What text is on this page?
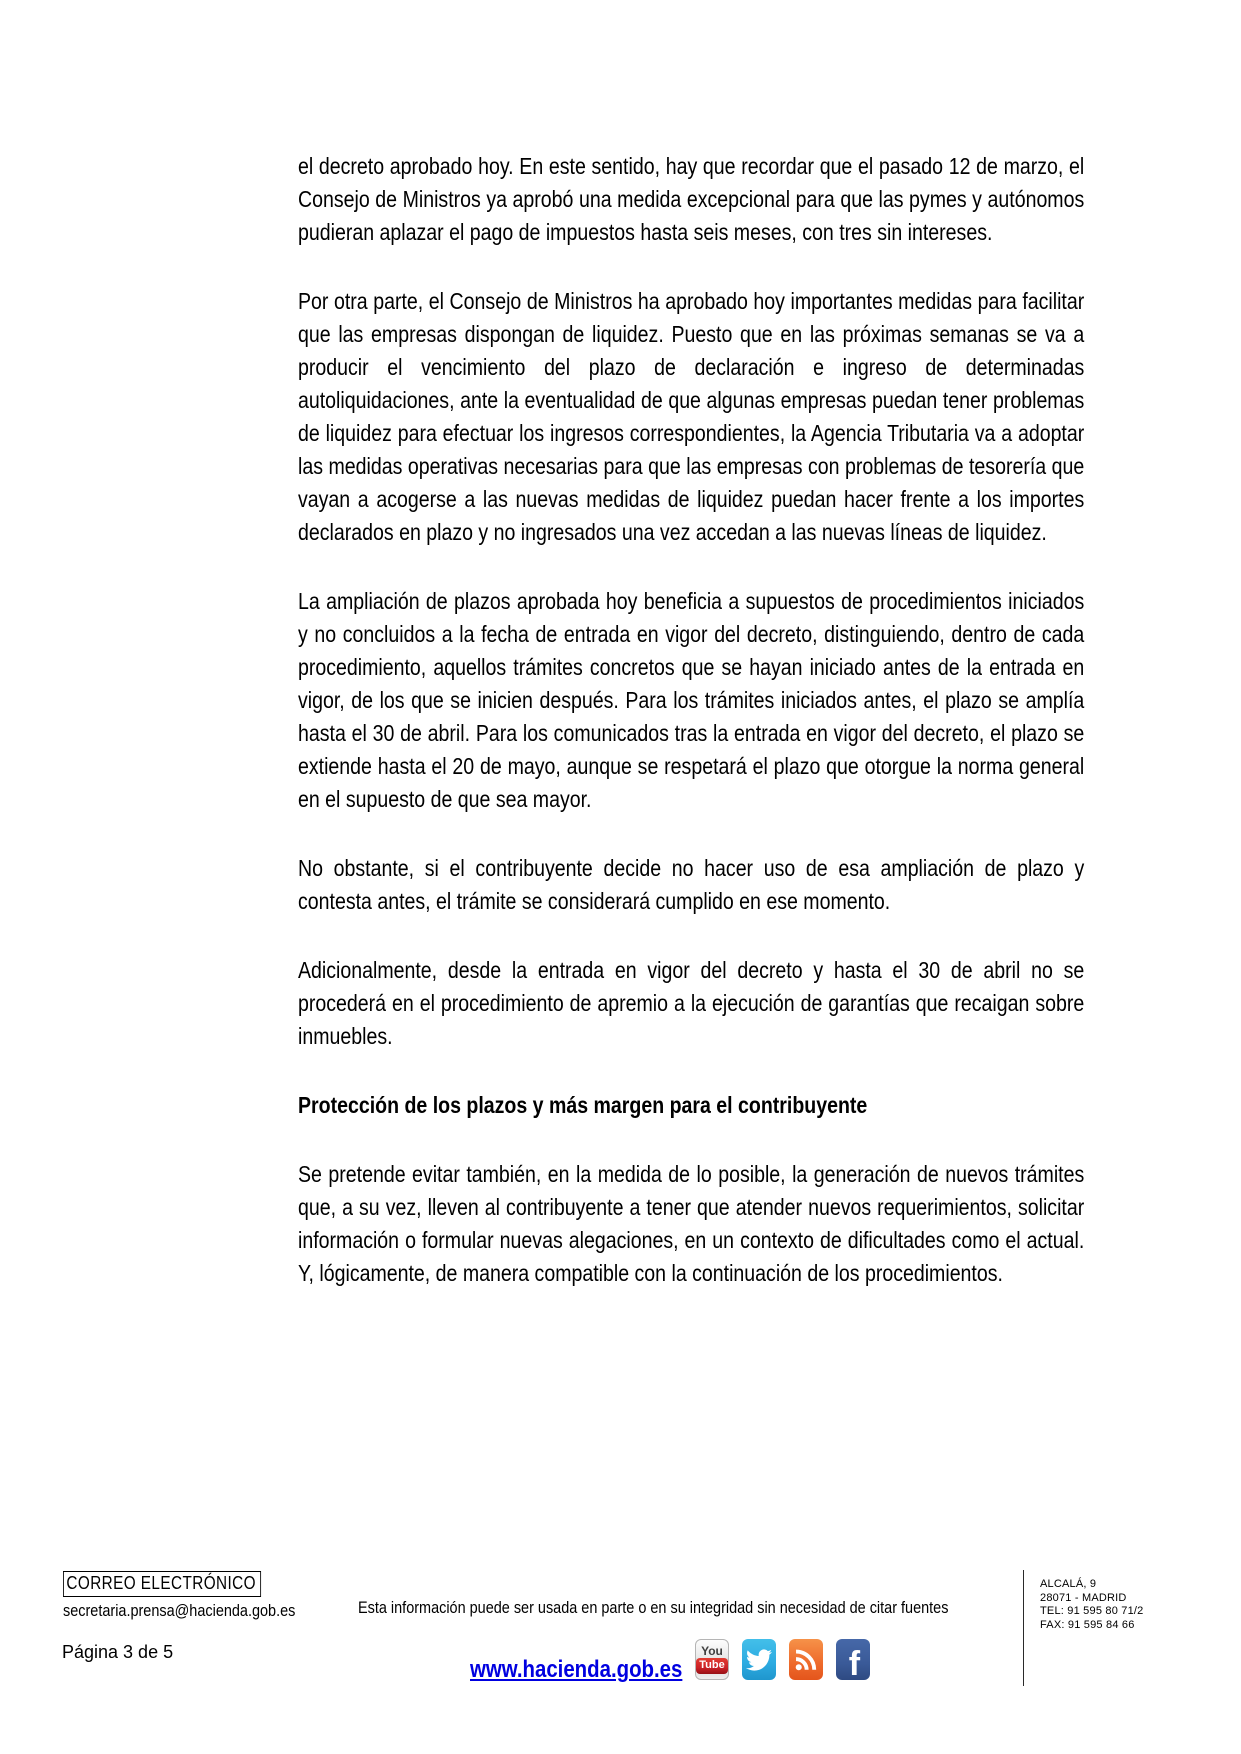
el decreto aprobado hoy. En este sentido, hay que recordar que el pasado 12 de marzo, el Consejo de Ministros ya aprobó una medida excepcional para que las pymes y autónomos pudieran aplazar el pago de impuestos hasta seis meses, con tres sin intereses.

Por otra parte, el Consejo de Ministros ha aprobado hoy importantes medidas para facilitar que las empresas dispongan de liquidez. Puesto que en las próximas semanas se va a producir el vencimiento del plazo de declaración e ingreso de determinadas autoliquidaciones, ante la eventualidad de que algunas empresas puedan tener problemas de liquidez para efectuar los ingresos correspondientes, la Agencia Tributaria va a adoptar las medidas operativas necesarias para que las empresas con problemas de tesorería que vayan a acogerse a las nuevas medidas de liquidez puedan hacer frente a los importes declarados en plazo y no ingresados una vez accedan a las nuevas líneas de liquidez.

La ampliación de plazos aprobada hoy beneficia a supuestos de procedimientos iniciados y no concluidos a la fecha de entrada en vigor del decreto, distinguiendo, dentro de cada procedimiento, aquellos trámites concretos que se hayan iniciado antes de la entrada en vigor, de los que se inicien después. Para los trámites iniciados antes, el plazo se amplía hasta el 30 de abril. Para los comunicados tras la entrada en vigor del decreto, el plazo se extiende hasta el 20 de mayo, aunque se respetará el plazo que otorgue la norma general en el supuesto de que sea mayor.

No obstante, si el contribuyente decide no hacer uso de esa ampliación de plazo y contesta antes, el trámite se considerará cumplido en ese momento.

Adicionalmente, desde la entrada en vigor del decreto y hasta el 30 de abril no se procederá en el procedimiento de apremio a la ejecución de garantías que recaigan sobre inmuebles.

Protección de los plazos y más margen para el contribuyente

Se pretende evitar también, en la medida de lo posible, la generación de nuevos trámites que, a su vez, lleven al contribuyente a tener que atender nuevos requerimientos, solicitar información o formular nuevas alegaciones, en un contexto de dificultades como el actual. Y, lógicamente, de manera compatible con la continuación de los procedimientos.

CORREO ELECTRÓNICO
secretaria.prensa@hacienda.gob.es
Página 3 de 5
Esta información puede ser usada en parte o en su integridad sin necesidad de citar fuentes
www.hacienda.gob.es
You
Tube	f
ALCALÁ, 9
28071 - MADRID
TEL: 91 595 80 71/2
FAX: 91 595 84 66
